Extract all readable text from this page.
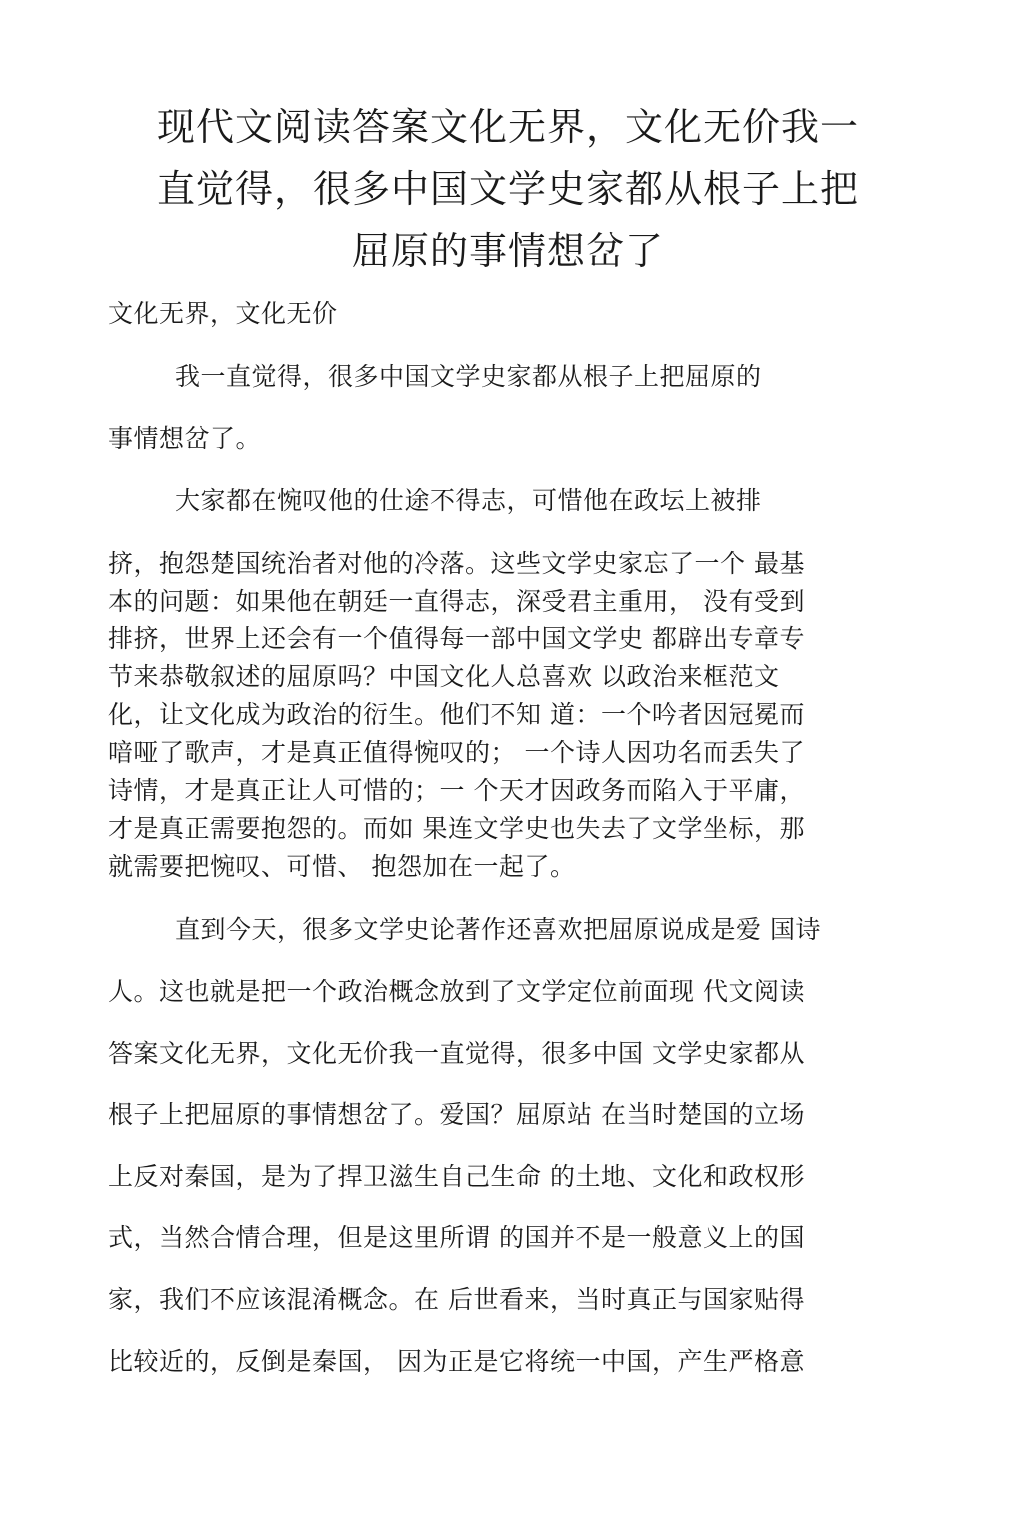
现代文阅读答案文化无界，文化无价我一
直觉得，很多中国文学史家都从根子上把
屈原的事情想岔了
文化无界，文化无价
我一直觉得，很多中国文学史家都从根子上把屈原的
事情想岔了。
大家都在惋叹他的仕途不得志，可惜他在政坛上被排
挤，抱怨楚国统治者对他的冷落。这些文学史家忘了一个 最基
本的问题：如果他在朝廷一直得志，深受君主重用， 没有受到
排挤，世界上还会有一个值得每一部中国文学史 都辟出专章专
节来恭敬叙述的屈原吗？中国文化人总喜欢 以政治来框范文
化，让文化成为政治的衍生。他们不知 道：一个吟者因冠冕而
喑哑了歌声，才是真正值得惋叹的； 一个诗人因功名而丢失了
诗情，才是真正让人可惜的；一 个天才因政务而陷入于平庸，
才是真正需要抱怨的。而如 果连文学史也失去了文学坐标，那
就需要把惋叹、可惜、 抱怨加在一起了。
直到今天，很多文学史论著作还喜欢把屈原说成是爱 国诗
人。这也就是把一个政治概念放到了文学定位前面现 代文阅读
答案文化无界，文化无价我一直觉得，很多中国 文学史家都从
根子上把屈原的事情想岔了。爱国？屈原站 在当时楚国的立场
上反对秦国，是为了捍卫滋生自己生命 的土地、文化和政权形
式，当然合情合理，但是这里所谓 的国并不是一般意义上的国
家，我们不应该混淆概念。在 后世看来，当时真正与国家贴得
比较近的，反倒是秦国， 因为正是它将统一中国，产生严格意
